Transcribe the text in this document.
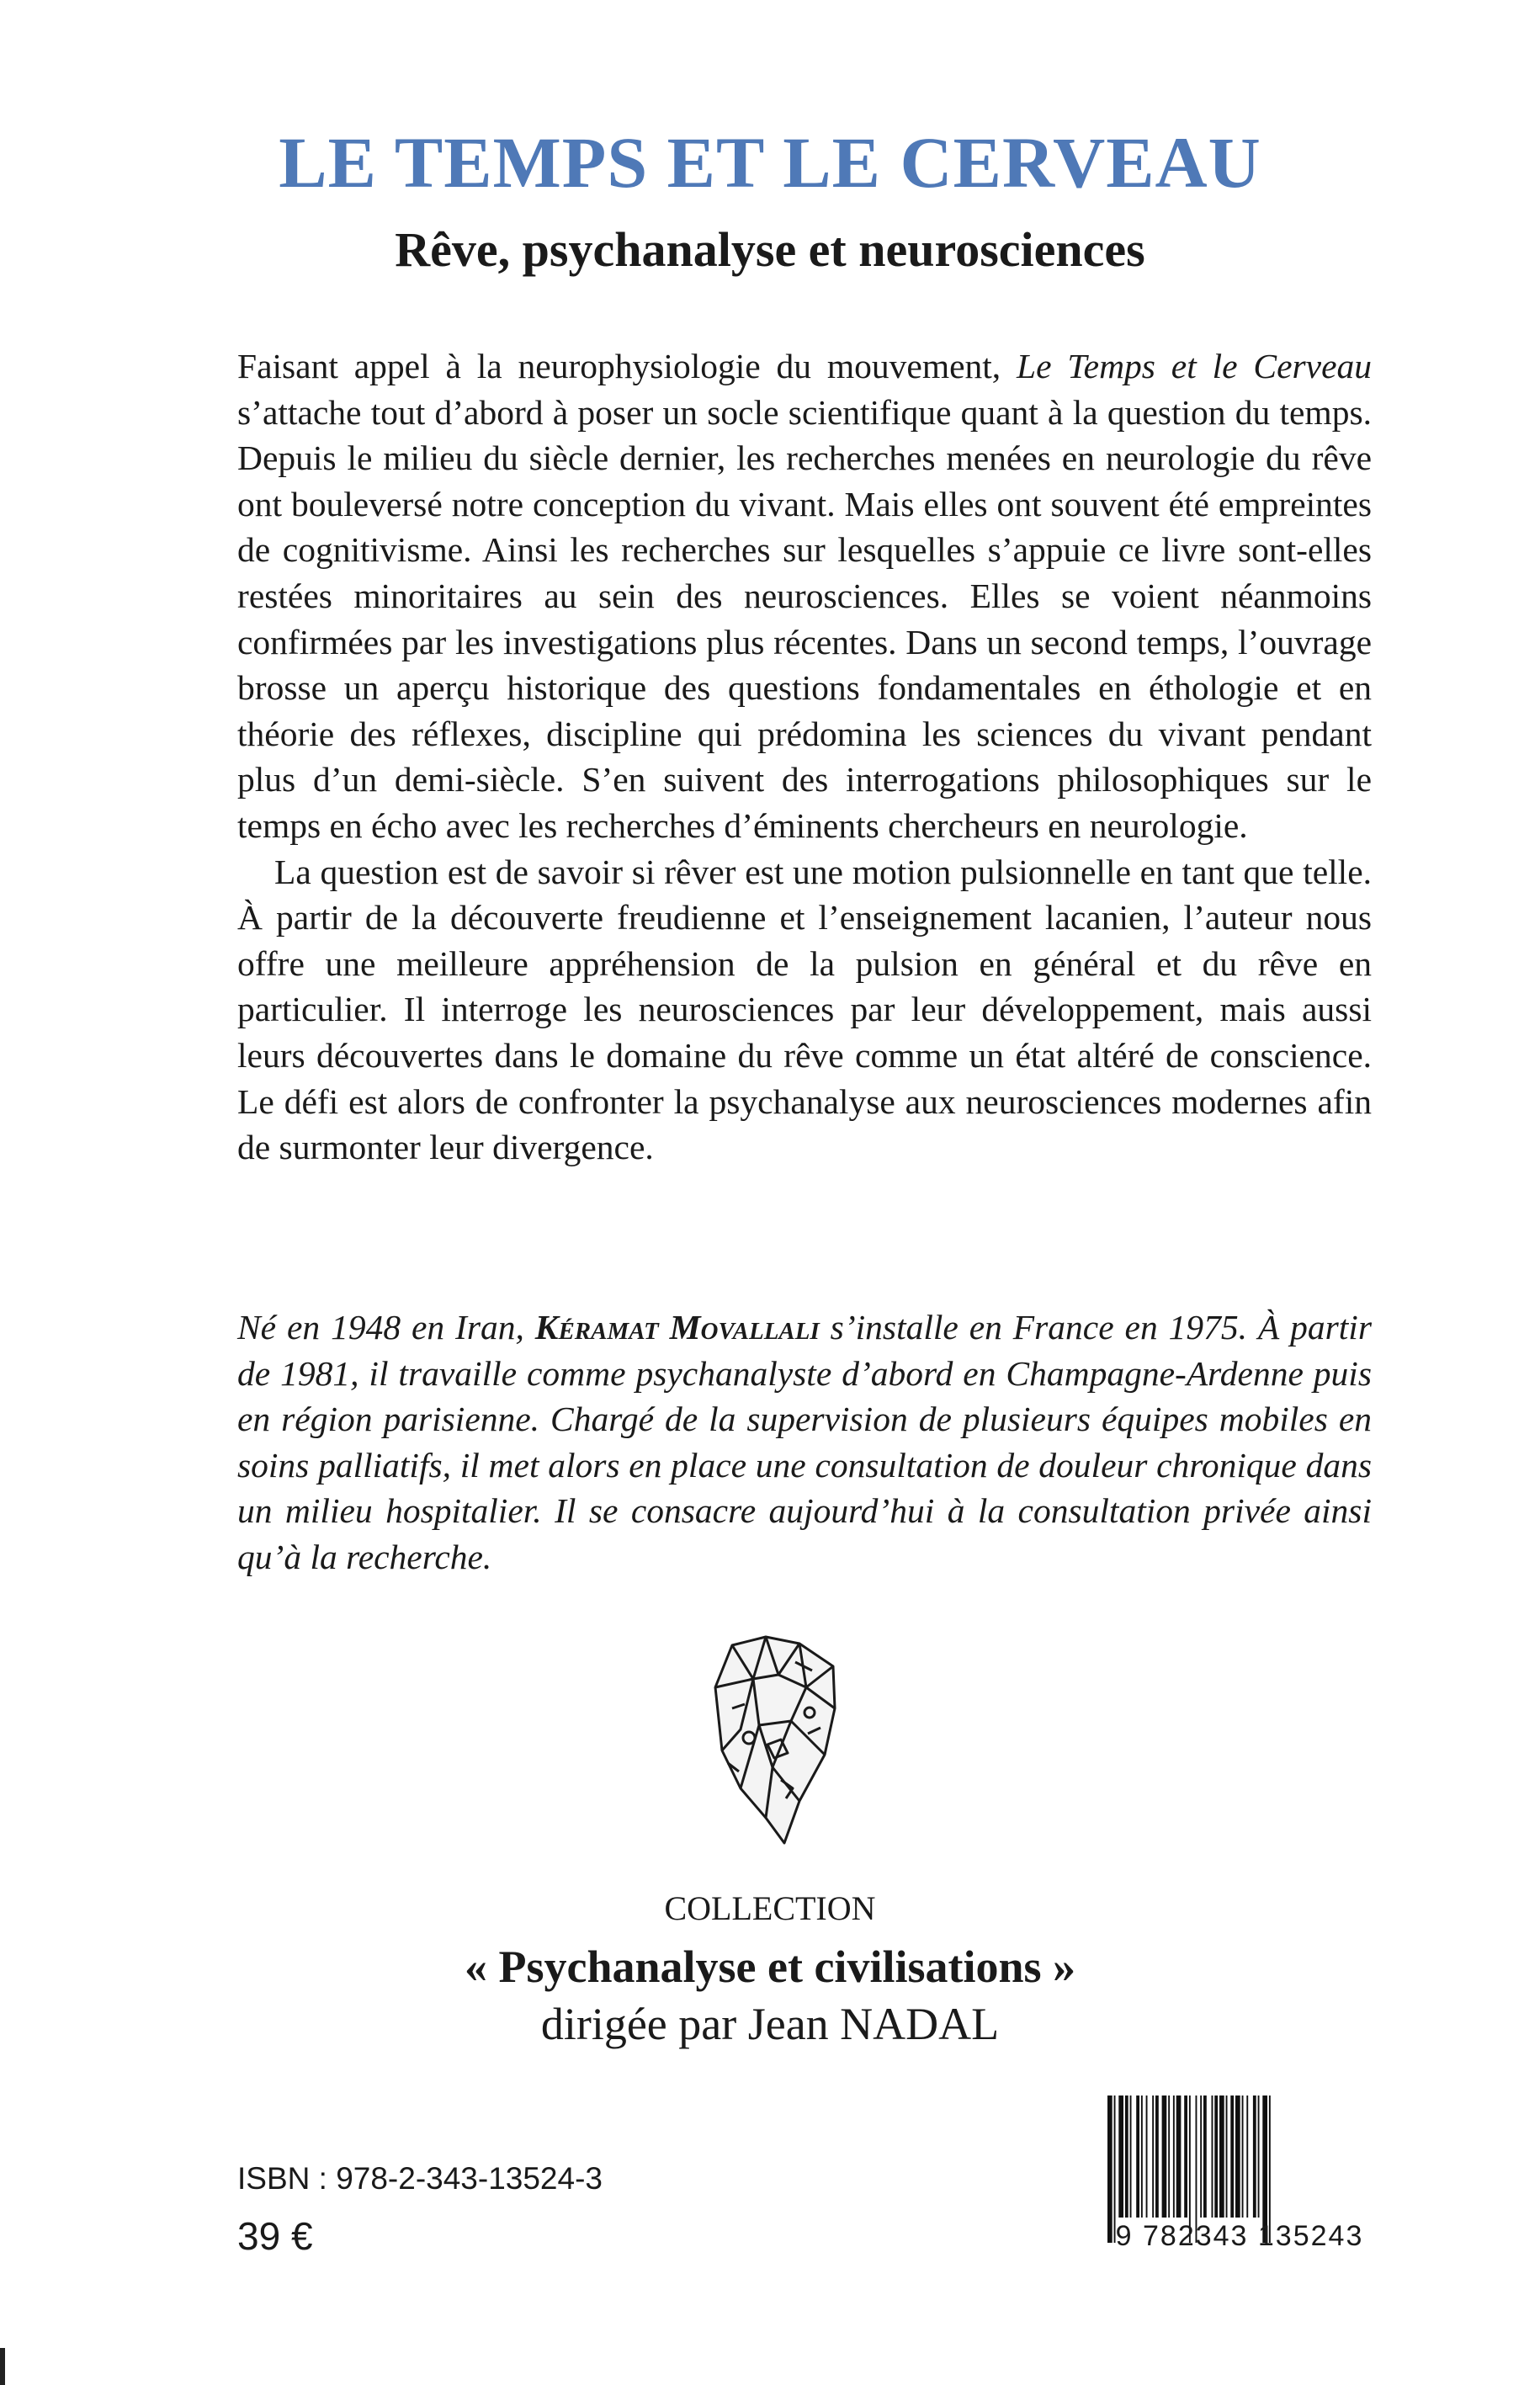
LE TEMPS ET LE CERVEAU
Rêve, psychanalyse et neurosciences

Faisant appel à la neurophysiologie du mouvement, Le Temps et le Cerveau s’attache tout d’abord à poser un socle scientifique quant à la question du temps. Depuis le milieu du siècle dernier, les recherches menées en neurologie du rêve ont bouleversé notre conception du vivant. Mais elles ont souvent été empreintes de cognitivisme. Ainsi les recherches sur lesquelles s’appuie ce livre sont-elles restées minoritaires au sein des neurosciences. Elles se voient néanmoins confirmées par les investigations plus récentes. Dans un second temps, l’ouvrage brosse un aperçu historique des questions fondamentales en éthologie et en théorie des réflexes, discipline qui prédomina les sciences du vivant pendant plus d’un demi-siècle. S’en suivent des interrogations philosophiques sur le temps en écho avec les recherches d’éminents chercheurs en neurologie.

La question est de savoir si rêver est une motion pulsionnelle en tant que telle. À partir de la découverte freudienne et l’enseignement lacanien, l’auteur nous offre une meilleure appréhension de la pulsion en général et du rêve en particulier. Il interroge les neurosciences par leur développement, mais aussi leurs découvertes dans le domaine du rêve comme un état altéré de conscience. Le défi est alors de confronter la psychanalyse aux neurosciences modernes afin de surmonter leur divergence.

Né en 1948 en Iran, Kéramat Movallali s’installe en France en 1975. À partir de 1981, il travaille comme psychanalyste d’abord en Champagne-Ardenne puis en région parisienne. Chargé de la supervision de plusieurs équipes mobiles en soins palliatifs, il met alors en place une consultation de douleur chronique dans un milieu hospitalier. Il se consacre aujourd’hui à la consultation privée ainsi qu’à la recherche.

COLLECTION

« Psychanalyse et civilisations »

dirigée par Jean NADAL

ISBN : 978-2-343-13524-3
39 €	9 782343 135243
